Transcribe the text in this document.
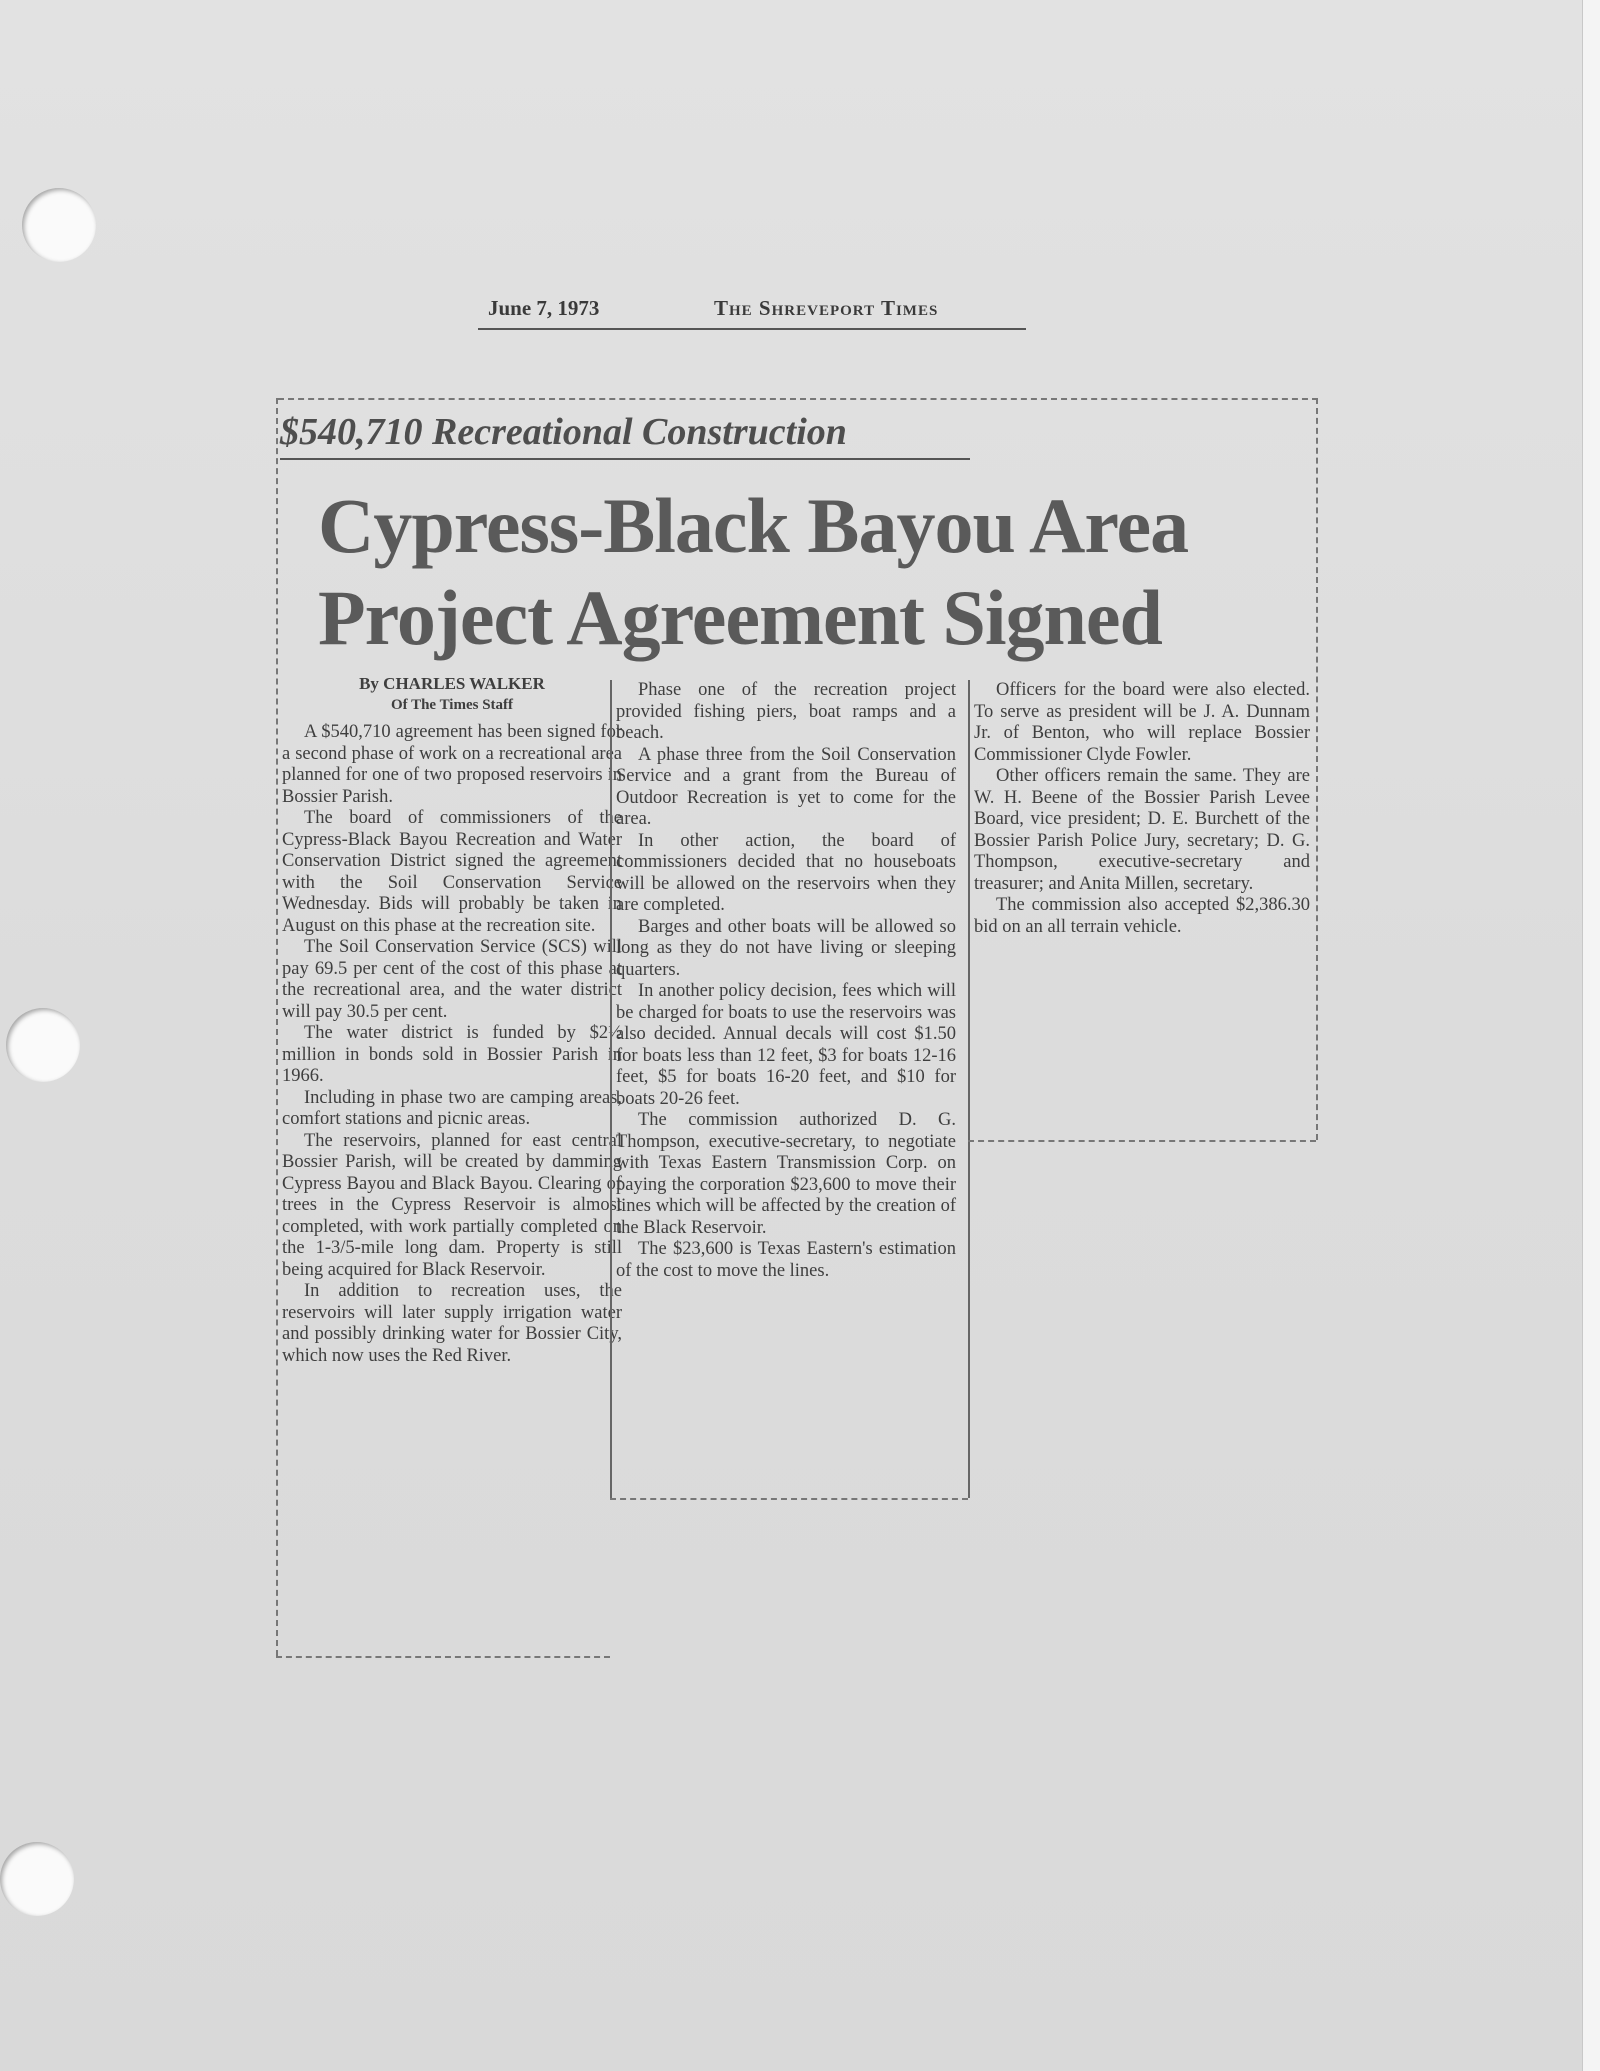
June 7, 1973	The Shreveport Times
$540,710 Recreational Construction
Cypress-Black Bayou Area
Project Agreement Signed

By CHARLES WALKER

Of The Times Staff

A $540,710 agreement has been signed for a second phase of work on a recreational area planned for one of two proposed reservoirs in Bossier Parish.

The board of commissioners of the Cypress-Black Bayou Recreation and Water Conservation District signed the agreement with the Soil Conservation Service Wednesday. Bids will probably be taken in August on this phase at the recreation site.

The Soil Conservation Service (SCS) will pay 69.5 per cent of the cost of this phase at the recreational area, and the water district will pay 30.5 per cent.

The water district is funded by $2½ million in bonds sold in Bossier Parish in 1966.

Including in phase two are camping areas, comfort stations and picnic areas.

The reservoirs, planned for east central Bossier Parish, will be created by damming Cypress Bayou and Black Bayou. Clearing of trees in the Cypress Reservoir is almost completed, with work partially completed on the 1-3/5-mile long dam. Property is still being acquired for Black Reservoir.

In addition to recreation uses, the reservoirs will later supply irrigation water and possibly drinking water for Bossier City, which now uses the Red River.

Phase one of the recreation project provided fishing piers, boat ramps and a beach.

A phase three from the Soil Conservation Service and a grant from the Bureau of Outdoor Recreation is yet to come for the area.

In other action, the board of commissioners decided that no houseboats will be allowed on the reservoirs when they are completed.

Barges and other boats will be allowed so long as they do not have living or sleeping quarters.

In another policy decision, fees which will be charged for boats to use the reservoirs was also decided. Annual decals will cost $1.50 for boats less than 12 feet, $3 for boats 12-16 feet, $5 for boats 16-20 feet, and $10 for boats 20-26 feet.

The commission authorized D. G. Thompson, executive-secretary, to negotiate with Texas Eastern Transmission Corp. on paying the corporation $23,600 to move their lines which will be affected by the creation of the Black Reservoir.

The $23,600 is Texas Eastern's estimation of the cost to move the lines.

Officers for the board were also elected. To serve as president will be J. A. Dunnam Jr. of Benton, who will replace Bossier Commissioner Clyde Fowler.

Other officers remain the same. They are W. H. Beene of the Bossier Parish Levee Board, vice president; D. E. Burchett of the Bossier Parish Police Jury, secretary; D. G. Thompson, executive-secretary and treasurer; and Anita Millen, secretary.

The commission also accepted $2,386.30 bid on an all terrain vehicle.
